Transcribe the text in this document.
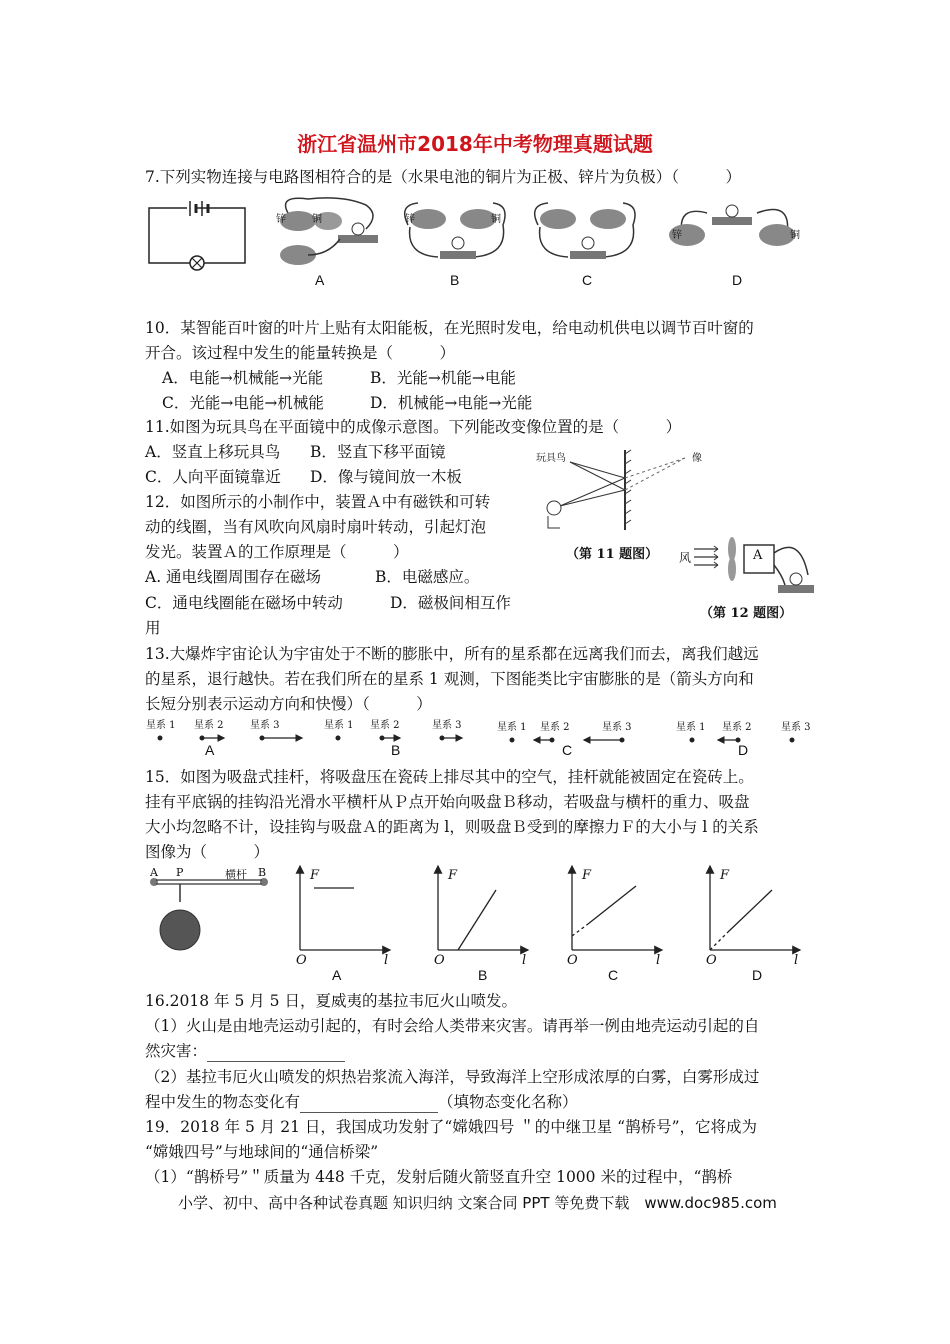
浙江省温州市2018年中考物理真题试题
7.下列实物连接与电路图相符合的是（水果电池的铜片为正极、锌片为负极）（　　　）
锌	铜	锌	铜
锌	铜
A	B	C	D
10．某智能百叶窗的叶片上贴有太阳能板，在光照时发电，给电动机供电以调节百叶窗的
开合。该过程中发生的能量转换是（　　　）
A．电能→机械能→光能	B．光能→机能→电能
C．光能→电能→机械能	D．机械能→电能→光能
11.如图为玩具鸟在平面镜中的成像示意图。下列能改变像位置的是（　　　）
A．竖直上移玩具鸟 B．竖直下移平面镜
C．人向平面镜靠近 D．像与镜间放一木板
玩具鸟	像
（第 11 题图）
12．如图所示的小制作中，装置Ａ中有磁铁和可转
动的线圈，当有风吹向风扇时扇叶转动，引起灯泡
发光。装置Ａ的工作原理是（　　　）
A. 通电线圈周围存在磁场	B．电磁感应。
C．通电线圈能在磁场中转动	D．磁极间相互作
用
风	A
（第 12 题图）
13.大爆炸宇宙论认为宇宙处于不断的膨胀中，所有的星系都在远离我们而去，离我们越远
的星系，退行越快。若在我们所在的星系 1 观测，下图能类比宇宙膨胀的是（箭头方向和
长短分别表示运动方向和快慢）（　　　）
星系 1 星系 2	星系 3	星系 1 星系 2	星系 3	星系 1 星系 2	星系 3	星系 1 星系 2	星系 3
A	B	C	D
15．如图为吸盘式挂杆，将吸盘压在瓷砖上排尽其中的空气，挂杆就能被固定在瓷砖上。
挂有平底锅的挂钩沿光滑水平横杆从Ｐ点开始向吸盘Ｂ移动，若吸盘与横杆的重力、吸盘
大小均忽略不计，设挂钩与吸盘Ａ的距离为 l，则吸盘Ｂ受到的摩擦力Ｆ的大小与 l 的关系
图像为（　　　）
A P	横杆 B	F	F	F	F
O	O	O	O
l	l	l	l
A	B	C	D
16.2018 年 5 月 5 日，夏威夷的基拉韦厄火山喷发。
（1）火山是由地壳运动引起的，有时会给人类带来灾害。请再举一例由地壳运动引起的自
然灾害：
（2）基拉韦厄火山喷发的炽热岩浆流入海洋，导致海洋上空形成浓厚的白雾，白雾形成过
程中发生的物态变化有	（填物态变化名称）
19．2018 年 5 月 21 日，我国成功发射了“嫦娥四号 ＂的中继卫星 “鹊桥号”，它将成为
“嫦娥四号”与地球间的“通信桥梁”
（1）“鹊桥号”＂质量为 448 千克，发射后随火箭竖直升空 1000 米的过程中，“鹊桥
小学、初中、高中各种试卷真题 知识归纳 文案合同 PPT 等免费下载　www.doc985.com
